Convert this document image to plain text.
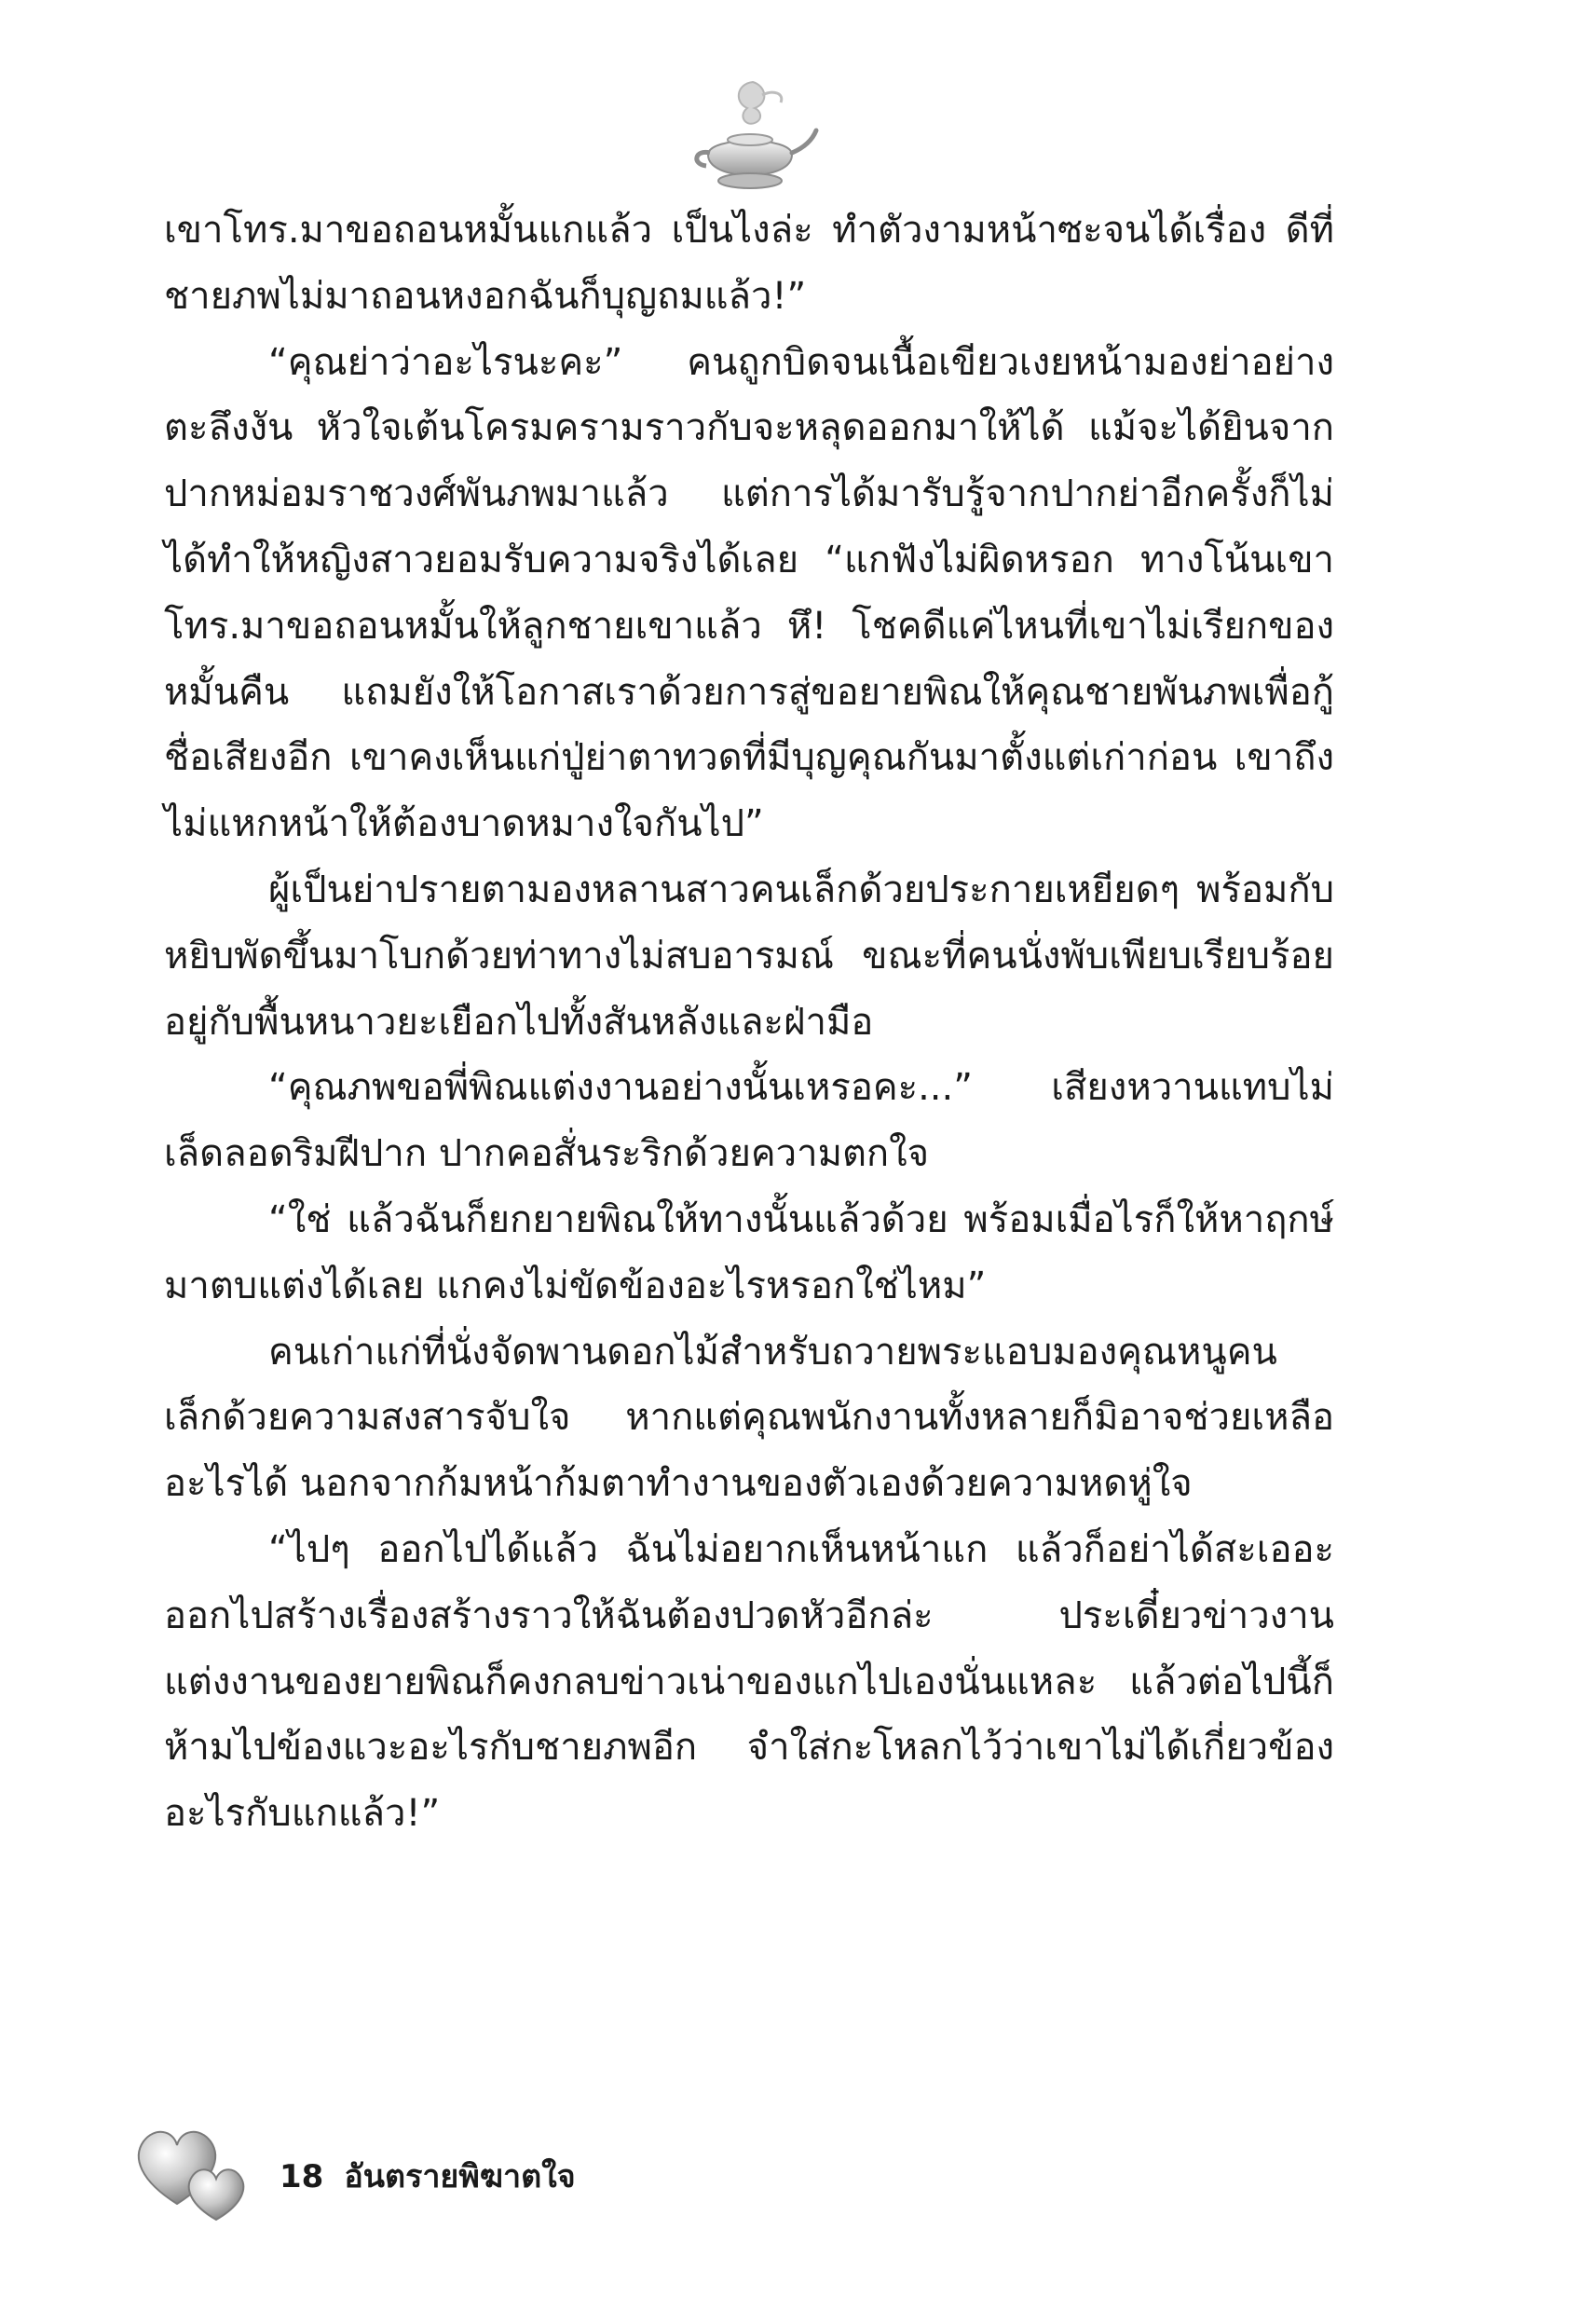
เขาโทร.มาขอถอนหมั้นแกแล้ว เป็นไงล่ะ ทำตัวงามหน้าซะจนได้เรื่อง ดีที่ชายภพไม่มาถอนหงอกฉันก็บุญถมแล้ว!”

“คุณย่าว่าอะไรนะคะ” คนถูกบิดจนเนื้อเขียวเงยหน้ามองย่าอย่างตะลึงงัน หัวใจเต้นโครมครามราวกับจะหลุดออกมาให้ได้ แม้จะได้ยินจากปากหม่อมราชวงศ์พันภพมาแล้ว แต่การได้มารับรู้จากปากย่าอีกครั้งก็ไม่ได้ทำให้หญิงสาวยอมรับความจริงได้เลย “แกฟังไม่ผิดหรอก ทางโน้นเขาโทร.มาขอถอนหมั้นให้ลูกชายเขาแล้ว หึ! โชคดีแค่ไหนที่เขาไม่เรียกของหมั้นคืน แถมยังให้โอกาสเราด้วยการสู่ขอยายพิณให้คุณชายพันภพเพื่อกู้ชื่อเสียงอีก เขาคงเห็นแก่ปู่ย่าตาทวดที่มีบุญคุณกันมาตั้งแต่เก่าก่อน เขาถึงไม่แหกหน้าให้ต้องบาดหมางใจกันไป”

ผู้เป็นย่าปรายตามองหลานสาวคนเล็กด้วยประกายเหยียดๆ พร้อมกับหยิบพัดขึ้นมาโบกด้วยท่าทางไม่สบอารมณ์ ขณะที่คนนั่งพับเพียบเรียบร้อยอยู่กับพื้นหนาวยะเยือกไปทั้งสันหลังและฝ่ามือ

“คุณภพขอพี่พิณแต่งงานอย่างนั้นเหรอคะ...” เสียงหวานแทบไม่เล็ดลอดริมฝีปาก ปากคอสั่นระริกด้วยความตกใจ

“ใช่ แล้วฉันก็ยกยายพิณให้ทางนั้นแล้วด้วย พร้อมเมื่อไรก็ให้หาฤกษ์มาตบแต่งได้เลย แกคงไม่ขัดข้องอะไรหรอกใช่ไหม”

คนเก่าแก่ที่นั่งจัดพานดอกไม้สำหรับถวายพระแอบมองคุณหนูคนเล็กด้วยความสงสารจับใจ หากแต่คุณพนักงานทั้งหลายก็มิอาจช่วยเหลืออะไรได้ นอกจากก้มหน้าก้มตาทำงานของตัวเองด้วยความหดหู่ใจ

“ไปๆ ออกไปได้แล้ว ฉันไม่อยากเห็นหน้าแก แล้วก็อย่าได้สะเออะออกไปสร้างเรื่องสร้างราวให้ฉันต้องปวดหัวอีกล่ะ ประเดี๋ยวข่าวงานแต่งงานของยายพิณก็คงกลบข่าวเน่าของแกไปเองนั่นแหละ แล้วต่อไปนี้ก็ห้ามไปข้องแวะอะไรกับชายภพอีก จำใส่กะโหลกไว้ว่าเขาไม่ได้เกี่ยวข้องอะไรกับแกแล้ว!”

18 อันตรายพิฆาตใจ
